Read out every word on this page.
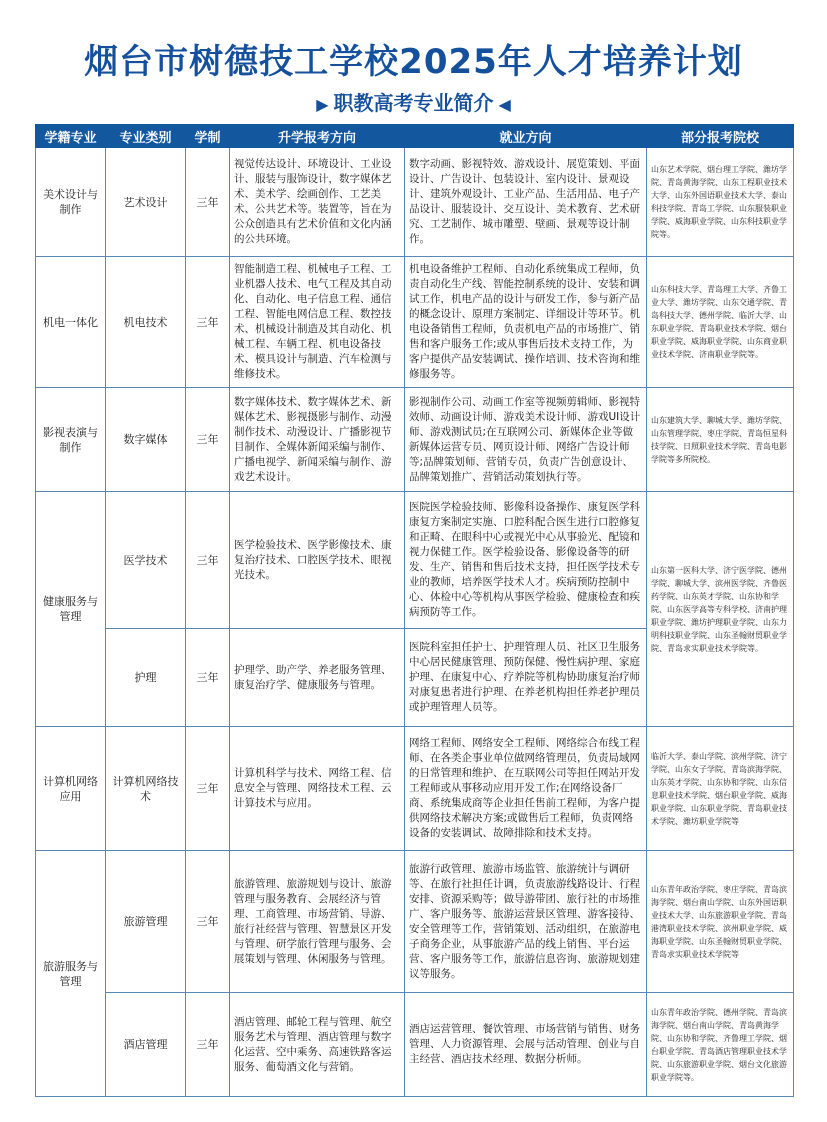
烟台市树德技工学校2025年人才培养计划
▶ 职教高考专业简介 ◀
学籍专业	专业类别	学制	升学报考方向	就业方向	部分报考院校
美术设计与制作	艺术设计	三年	视觉传达设计、环境设计、工业设计、服装与服饰设计，数字媒体艺术、美术学、绘画创作、工艺美术、公共艺术等。装置等，旨在为公众创造具有艺术价值和文化内涵的公共环境。	数字动画、影视特效、游戏设计、展览策划、平面设计、广告设计、包装设计、室内设计、景观设计、建筑外观设计、工业产品、生活用品、电子产品设计、服装设计、交互设计、美术教育、艺术研究、工艺制作、城市雕塑、壁画、景观等设计制作。	山东艺术学院、烟台理工学院、潍坊学院、青岛黄海学院、山东工程职业技术大学、山东外国语职业技术大学、泰山科技学院、青岛工学院、山东服装职业学院、威海职业学院、山东科技职业学院等。
机电一体化	机电技术	三年	智能制造工程、机械电子工程、工业机器人技术、电气工程及其自动化、自动化、电子信息工程、通信工程、智能电网信息工程、数控技术、机械设计制造及其自动化、机械工程、车辆工程、机电设备技术、模具设计与制造、汽车检测与维修技术。	机电设备维护工程师、自动化系统集成工程师，负责自动化生产线、智能控制系统的设计、安装和调试工作，机电产品的设计与研发工作，参与新产品的概念设计、原理方案制定、详细设计等环节。机电设备销售工程师，负责机电产品的市场推广、销售和客户服务工作;或从事售后技术支持工作，为客户提供产品安装调试、操作培训、技术咨询和维修服务等。	山东科技大学、青岛理工大学、齐鲁工业大学、潍坊学院、山东交通学院、青岛科技大学、德州学院、临沂大学、山东职业学院、青岛职业技术学院、烟台职业学院、威海职业学院、山东商业职业技术学院、济南职业学院等。
影视表演与制作	数字媒体	三年	数字媒体技术、数字媒体艺术、新媒体艺术、影视摄影与制作、动漫制作技术、动漫设计、广播影视节目制作、全媒体新闻采编与制作、广播电视学、新闻采编与制作、游戏艺术设计。	影视制作公司、动画工作室等视频剪辑师、影视特效师、动画设计师、游戏美术设计师、游戏UI设计师、游戏测试员;在互联网公司、新媒体企业等做新媒体运营专员、网页设计师、网络广告设计师等;品牌策划师、营销专员，负责广告创意设计、品牌策划推广、营销活动策划执行等。	山东建筑大学、聊城大学、潍坊学院、山东管理学院、枣庄学院、青岛恒星科技学院、日照职业技术学院、青岛电影学院等多所院校。
健康服务与管理	医学技术	三年	医学检验技术、医学影像技术、康复治疗技术、口腔医学技术、眼视光技术。	医院医学检验技师、影像科设备操作、康复医学科康复方案制定实施、口腔科配合医生进行口腔修复和正畸、在眼科中心或视光中心从事验光、配镜和视力保健工作。医学检验设备、影像设备等的研发、生产、销售和售后技术支持，担任医学技术专业的教师，培养医学技术人才。疾病预防控制中心、体检中心等机构从事医学检验、健康检查和疾病预防等工作。	山东第一医科大学、济宁医学院、德州学院、聊城大学、滨州医学院、齐鲁医药学院、山东英才学院、山东协和学院、山东医学高等专科学校、济南护理职业学院、潍坊护理职业学院、山东力明科技职业学院、山东圣翰财贸职业学院、青岛求实职业技术学院等。
	护理	三年	护理学、助产学、养老服务管理、康复治疗学、健康服务与管理。	医院科室担任护士、护理管理人员、社区卫生服务中心居民健康管理、预防保健、慢性病护理、家庭护理、在康复中心、疗养院等机构协助康复治疗师对康复患者进行护理、在养老机构担任养老护理员或护理管理人员等。	
计算机网络应用	计算机网络技术	三年	计算机科学与技术、网络工程、信息安全与管理、网络技术工程、云计算技术与应用。	网络工程师、网络安全工程师、网络综合布线工程师、在各类企事业单位做网络管理员，负责局域网的日常管理和维护、在互联网公司等担任网站开发工程师或从事移动应用开发工作;在网络设备厂商、系统集成商等企业担任售前工程师，为客户提供网络技术解决方案;或做售后工程师，负责网络设备的安装调试、故障排除和技术支持。	临沂大学、泰山学院、滨州学院、济宁学院、山东女子学院、青岛滨海学院、山东英才学院、山东协和学院、山东信息职业技术学院、烟台职业学院、威海职业学院、山东职业学院、青岛职业技术学院、潍坊职业学院等
旅游服务与管理	旅游管理	三年	旅游管理、旅游规划与设计、旅游管理与服务教育、会展经济与管理、工商管理、市场营销、导游、旅行社经营与管理、智慧景区开发与管理、研学旅行管理与服务、会展策划与管理、休闲服务与管理。	旅游行政管理、旅游市场监管、旅游统计与调研等、在旅行社担任计调，负责旅游线路设计、行程安排、资源采购等；做导游带团、旅行社的市场推广、客户服务等、旅游运营景区管理、游客接待、安全管理等工作，营销策划、活动组织，在旅游电子商务企业，从事旅游产品的线上销售、平台运营、客户服务等工作，旅游信息咨询、旅游规划建议等服务。	山东青年政治学院、枣庄学院、青岛滨海学院、烟台南山学院、山东外国语职业技术大学、山东旅游职业学院、青岛港湾职业技术学院、滨州职业学院、威海职业学院、山东圣翰财贸职业学院、青岛求实职业技术学院等
	酒店管理	三年	酒店管理、邮轮工程与管理、航空服务艺术与管理、酒店管理与数字化运营、空中乘务、高速铁路客运服务、葡萄酒文化与营销。	酒店运营管理、餐饮管理、市场营销与销售、财务管理、人力资源管理、会展与活动管理、创业与自主经营、酒店技术经理、数据分析师。	山东青年政治学院、德州学院、青岛滨海学院、烟台南山学院、青岛黄海学院、山东协和学院、齐鲁理工学院、烟台职业学院、青岛酒店管理职业技术学院、山东旅游职业学院、烟台文化旅游职业学院等。
